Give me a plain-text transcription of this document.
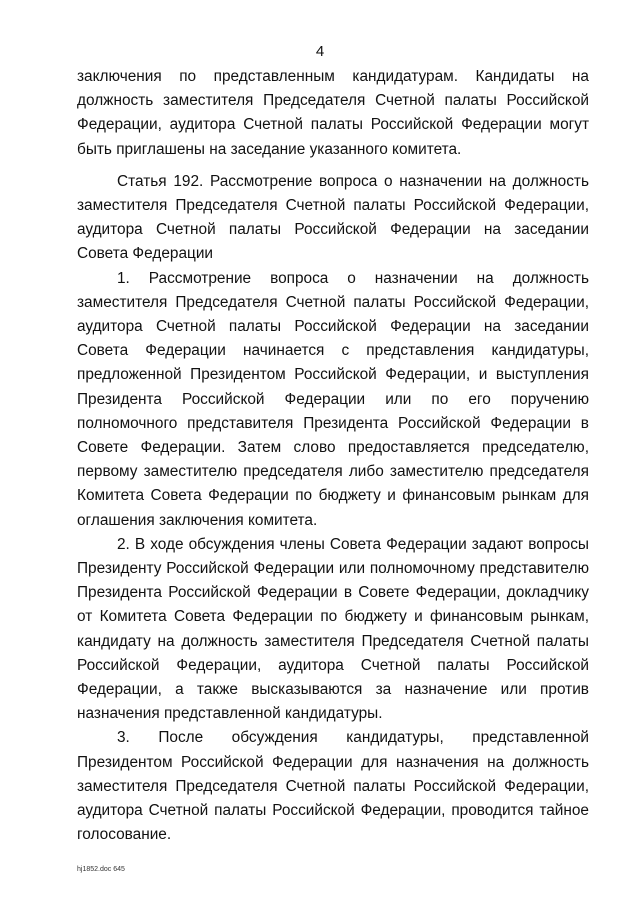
4

заключения по представленным кандидатурам. Кандидаты на должность заместителя Председателя Счетной палаты Российской Федерации, аудитора Счетной палаты Российской Федерации могут быть приглашены на заседание указанного комитета.

Статья 192. Рассмотрение вопроса о назначении на должность заместителя Председателя Счетной палаты Российской Федерации, аудитора Счетной палаты Российской Федерации на заседании Совета Федерации

1. Рассмотрение вопроса о назначении на должность заместителя Председателя Счетной палаты Российской Федерации, аудитора Счетной палаты Российской Федерации на заседании Совета Федерации начинается с представления кандидатуры, предложенной Президентом Российской Федерации, и выступления Президента Российской Федерации или по его поручению полномочного представителя Президента Российской Федерации в Совете Федерации. Затем слово предоставляется председателю, первому заместителю председателя либо заместителю председателя Комитета Совета Федерации по бюджету и финансовым рынкам для оглашения заключения комитета.

2. В ходе обсуждения члены Совета Федерации задают вопросы Президенту Российской Федерации или полномочному представителю Президента Российской Федерации в Совете Федерации, докладчику от Комитета Совета Федерации по бюджету и финансовым рынкам, кандидату на должность заместителя Председателя Счетной палаты Российской Федерации, аудитора Счетной палаты Российской Федерации, а также высказываются за назначение или против назначения представленной кандидатуры.

3. После обсуждения кандидатуры, представленной Президентом Российской Федерации для назначения на должность заместителя Председателя Счетной палаты Российской Федерации, аудитора Счетной палаты Российской Федерации, проводится тайное голосование.

hj1852.doc 645
